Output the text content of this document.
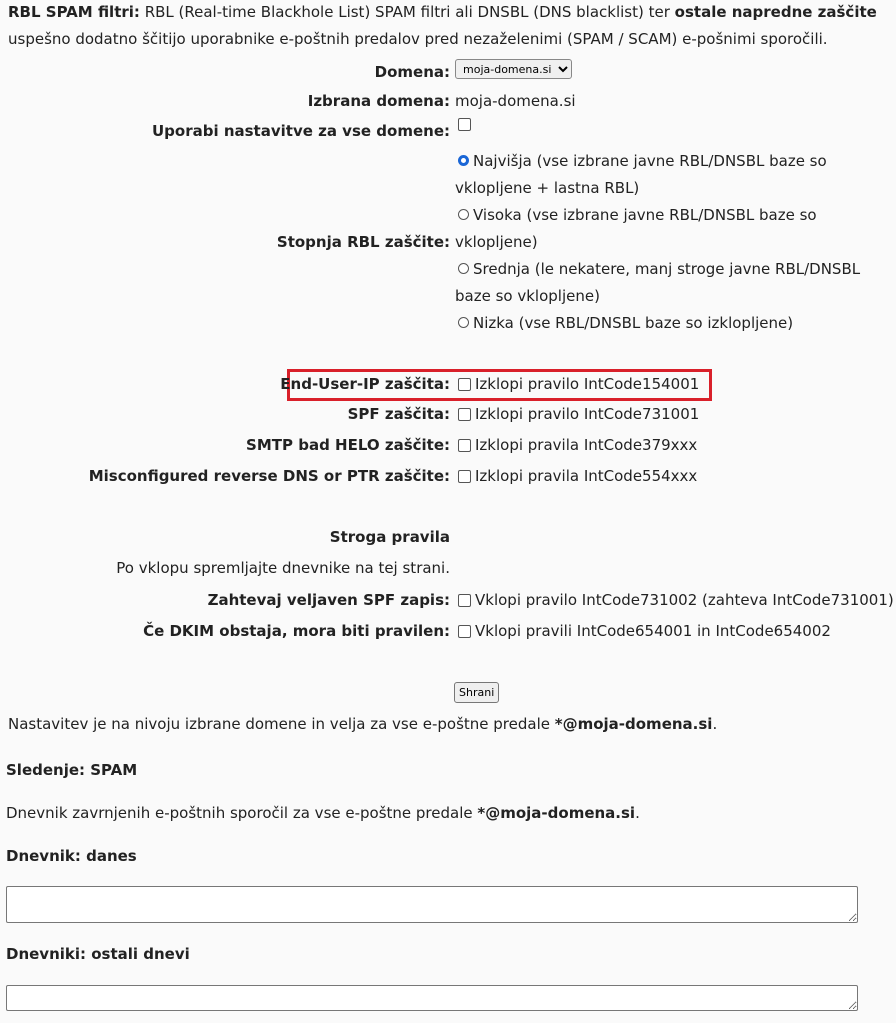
RBL SPAM filtri: RBL (Real-time Blackhole List) SPAM filtri ali DNSBL (DNS blacklist) ter ostale napredne zaščite
uspešno dodatno ščitijo uporabnike e-poštnih predalov pred nezaželenimi (SPAM / SCAM) e-pošnimi sporočili.
Domena:
moja-domena.si
Izbrana domena: moja-domena.si
Uporabi nastavitve za vse domene:
Stopnja RBL zaščite:
Najvišja (vse izbrane javne RBL/DNSBL baze so vklopljene + lastna RBL)
Visoka (vse izbrane javne RBL/DNSBL baze so vklopljene)
Srednja (le nekatere, manj stroge javne RBL/DNSBL baze so vklopljene)
Nizka (vse RBL/DNSBL baze so izklopljene)
End-User-IP zaščita: Izklopi pravilo IntCode154001
SPF zaščita: Izklopi pravilo IntCode731001
SMTP bad HELO zaščite: Izklopi pravila IntCode379xxx
Misconfigured reverse DNS or PTR zaščite: Izklopi pravila IntCode554xxx
Stroga pravila
Po vklopu spremljajte dnevnike na tej strani.
Zahtevaj veljaven SPF zapis: Vklopi pravilo IntCode731002 (zahteva IntCode731001)
Če DKIM obstaja, mora biti pravilen: Vklopi pravili IntCode654001 in IntCode654002
Shrani
Nastavitev je na nivoju izbrane domene in velja za vse e-poštne predale *@moja-domena.si.
Sledenje: SPAM
Dnevnik zavrnjenih e-poštnih sporočil za vse e-poštne predale *@moja-domena.si.
Dnevnik: danes
Dnevniki: ostali dnevi
